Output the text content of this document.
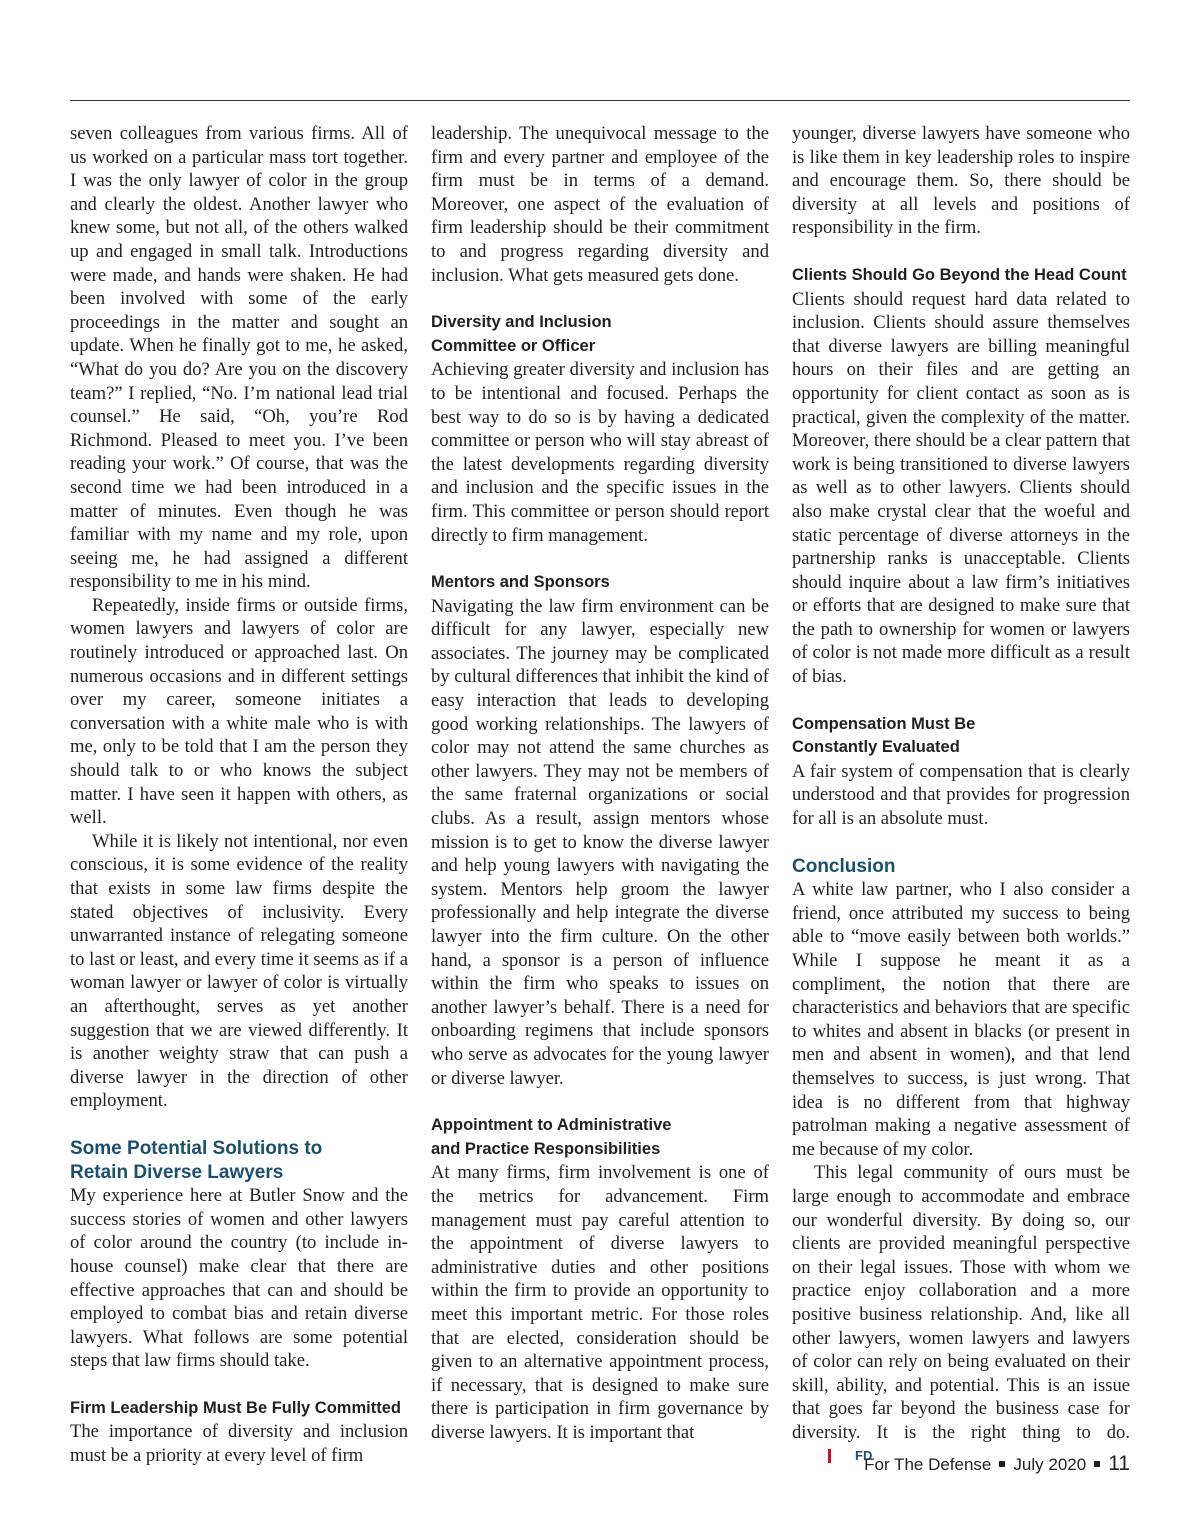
seven colleagues from various firms. All of us worked on a particular mass tort together. I was the only lawyer of color in the group and clearly the oldest. Another lawyer who knew some, but not all, of the others walked up and engaged in small talk. Introductions were made, and hands were shaken. He had been involved with some of the early proceedings in the matter and sought an update. When he finally got to me, he asked, “What do you do? Are you on the discovery team?” I replied, “No. I’m national lead trial counsel.” He said, “Oh, you’re Rod Richmond. Pleased to meet you. I’ve been reading your work.” Of course, that was the second time we had been introduced in a matter of minutes. Even though he was familiar with my name and my role, upon seeing me, he had assigned a different responsibility to me in his mind.

Repeatedly, inside firms or outside firms, women lawyers and lawyers of color are routinely introduced or approached last. On numerous occasions and in different settings over my career, someone initiates a conversation with a white male who is with me, only to be told that I am the person they should talk to or who knows the subject matter. I have seen it happen with others, as well.

While it is likely not intentional, nor even conscious, it is some evidence of the reality that exists in some law firms despite the stated objectives of inclusivity. Every unwarranted instance of relegating someone to last or least, and every time it seems as if a woman lawyer or lawyer of color is virtually an afterthought, serves as yet another suggestion that we are viewed differently. It is another weighty straw that can push a diverse lawyer in the direction of other employment.

Some Potential Solutions to
Retain Diverse Lawyers

My experience here at Butler Snow and the success stories of women and other lawyers of color around the country (to include in-house counsel) make clear that there are effective approaches that can and should be employed to combat bias and retain diverse lawyers. What follows are some potential steps that law firms should take.

Firm Leadership Must Be Fully Committed

The importance of diversity and inclusion must be a priority at every level of firm

leadership. The unequivocal message to the firm and every partner and employee of the firm must be in terms of a demand. Moreover, one aspect of the evaluation of firm leadership should be their commitment to and progress regarding diversity and inclusion. What gets measured gets done.

Diversity and Inclusion
Committee or Officer

Achieving greater diversity and inclusion has to be intentional and focused. Perhaps the best way to do so is by having a dedicated committee or person who will stay abreast of the latest developments regarding diversity and inclusion and the specific issues in the firm. This committee or person should report directly to firm management.

Mentors and Sponsors

Navigating the law firm environment can be difficult for any lawyer, especially new associates. The journey may be complicated by cultural differences that inhibit the kind of easy interaction that leads to developing good working relationships. The lawyers of color may not attend the same churches as other lawyers. They may not be members of the same fraternal organizations or social clubs. As a result, assign mentors whose mission is to get to know the diverse lawyer and help young lawyers with navigating the system. Mentors help groom the lawyer professionally and help integrate the diverse lawyer into the firm culture. On the other hand, a sponsor is a person of influence within the firm who speaks to issues on another lawyer’s behalf. There is a need for onboarding regimens that include sponsors who serve as advocates for the young lawyer or diverse lawyer.

Appointment to Administrative
and Practice Responsibilities

At many firms, firm involvement is one of the metrics for advancement. Firm management must pay careful attention to the appointment of diverse lawyers to administrative duties and other positions within the firm to provide an opportunity to meet this important metric. For those roles that are elected, consideration should be given to an alternative appointment process, if necessary, that is designed to make sure there is participation in firm governance by diverse lawyers. It is important that

younger, diverse lawyers have someone who is like them in key leadership roles to inspire and encourage them. So, there should be diversity at all levels and positions of responsibility in the firm.

Clients Should Go Beyond the Head Count

Clients should request hard data related to inclusion. Clients should assure themselves that diverse lawyers are billing meaningful hours on their files and are getting an opportunity for client contact as soon as is practical, given the complexity of the matter. Moreover, there should be a clear pattern that work is being transitioned to diverse lawyers as well as to other lawyers. Clients should also make crystal clear that the woeful and static percentage of diverse attorneys in the partnership ranks is unacceptable. Clients should inquire about a law firm’s initiatives or efforts that are designed to make sure that the path to ownership for women or lawyers of color is not made more difficult as a result of bias.

Compensation Must Be
Constantly Evaluated

A fair system of compensation that is clearly understood and that provides for progression for all is an absolute must.

Conclusion

A white law partner, who I also consider a friend, once attributed my success to being able to “move easily between both worlds.” While I suppose he meant it as a compliment, the notion that there are characteristics and behaviors that are specific to whites and absent in blacks (or present in men and absent in women), and that lend themselves to success, is just wrong. That idea is no different from that highway patrolman making a negative assessment of me because of my color.

This legal community of ours must be large enough to accommodate and embrace our wonderful diversity. By doing so, our clients are provided meaningful perspective on their legal issues. Those with whom we practice enjoy collaboration and a more positive business relationship. And, like all other lawyers, women lawyers and lawyers of color can rely on being evaluated on their skill, ability, and potential. This is an issue that goes far beyond the business case for diversity. It is the right thing to do.FD

For The Defense July 2020 11
